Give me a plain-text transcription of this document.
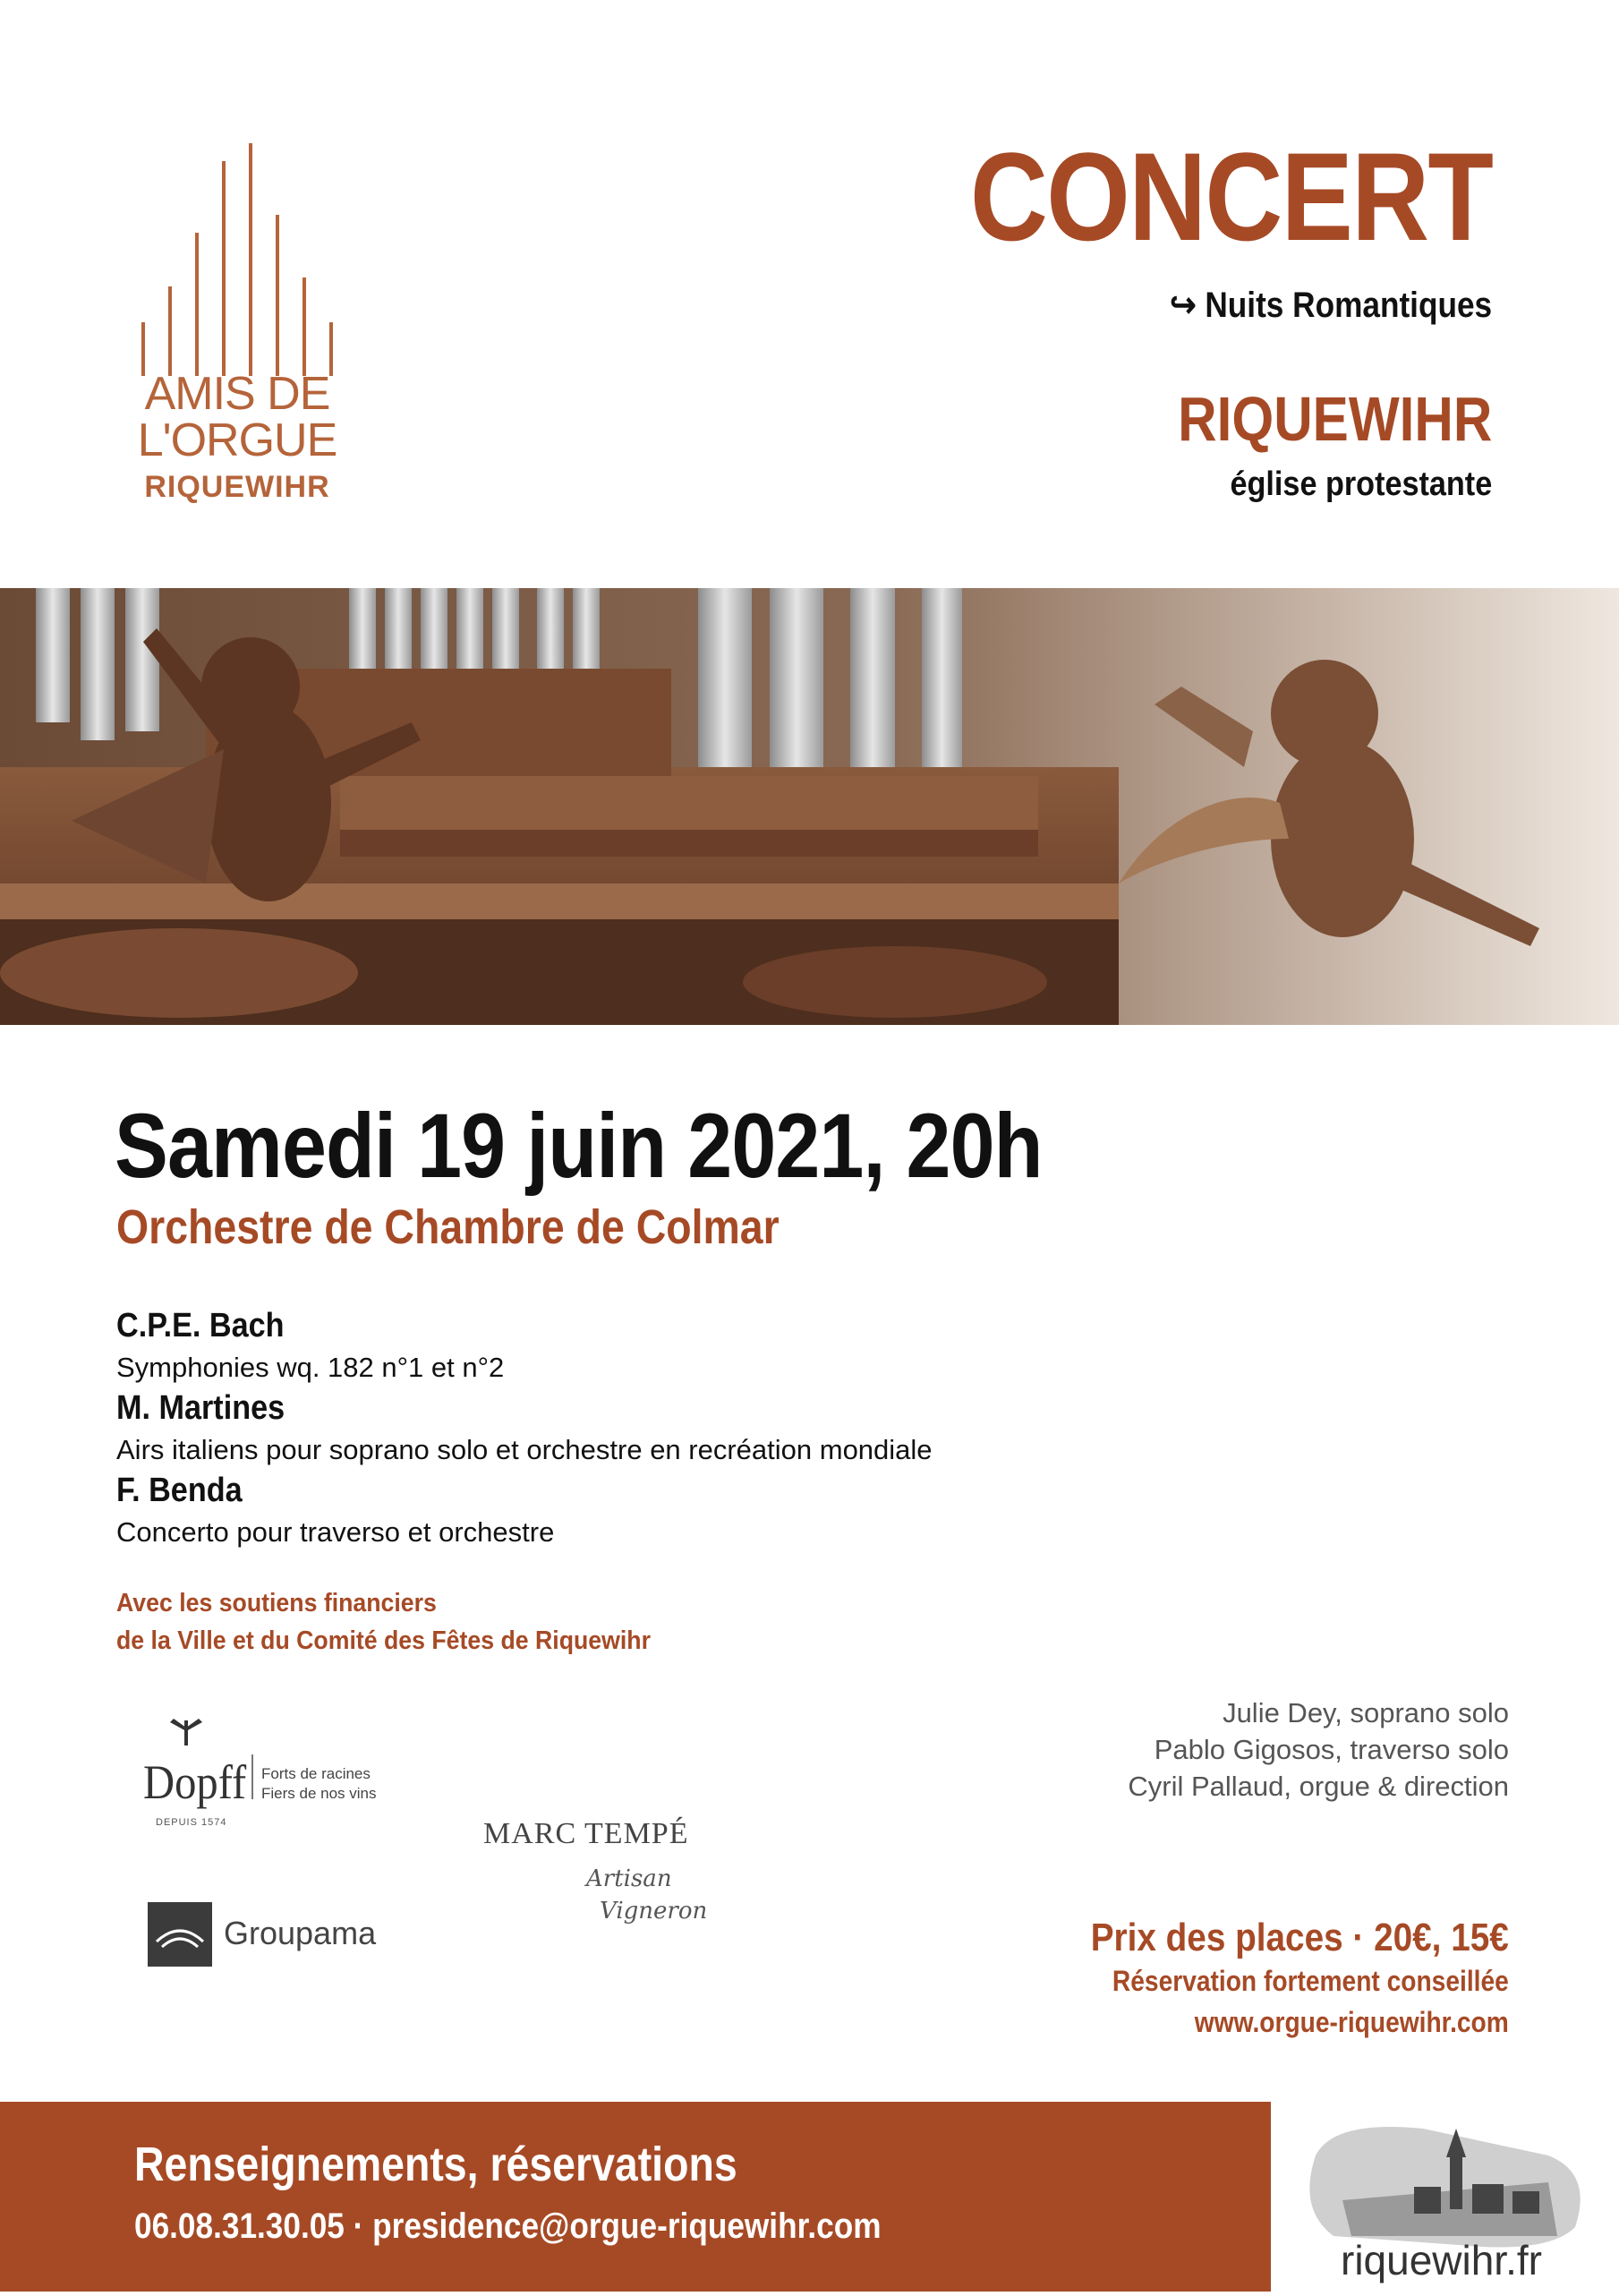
AMIS DE
L'ORGUE
RIQUEWIHR
CONCERT
↪ Nuits Romantiques
RIQUEWIHR
église protestante
Samedi 19 juin 2021, 20h
Orchestre de Chambre de Colmar
C.P.E. Bach
Symphonies wq. 182 n°1 et n°2
M. Martines
Airs italiens pour soprano solo et orchestre en recréation mondiale
F. Benda
Concerto pour traverso et orchestre
Avec les soutiens financiers
de la Ville et du Comité des Fêtes de Riquewihr
Julie Dey, soprano solo
Pablo Gigosos, traverso solo
Cyril Pallaud, orgue & direction
Dopff Forts de racines
Fiers de nos vins
DEPUIS 1574	MARC TEMPÉ
Artisan
Vigneron
Groupama	Prix des places · 20€, 15€
Réservation fortement conseillée
www.orgue-riquewihr.com
Renseignements, réservations
06.08.31.30.05 · presidence@orgue-riquewihr.com
riquewihr.fr
